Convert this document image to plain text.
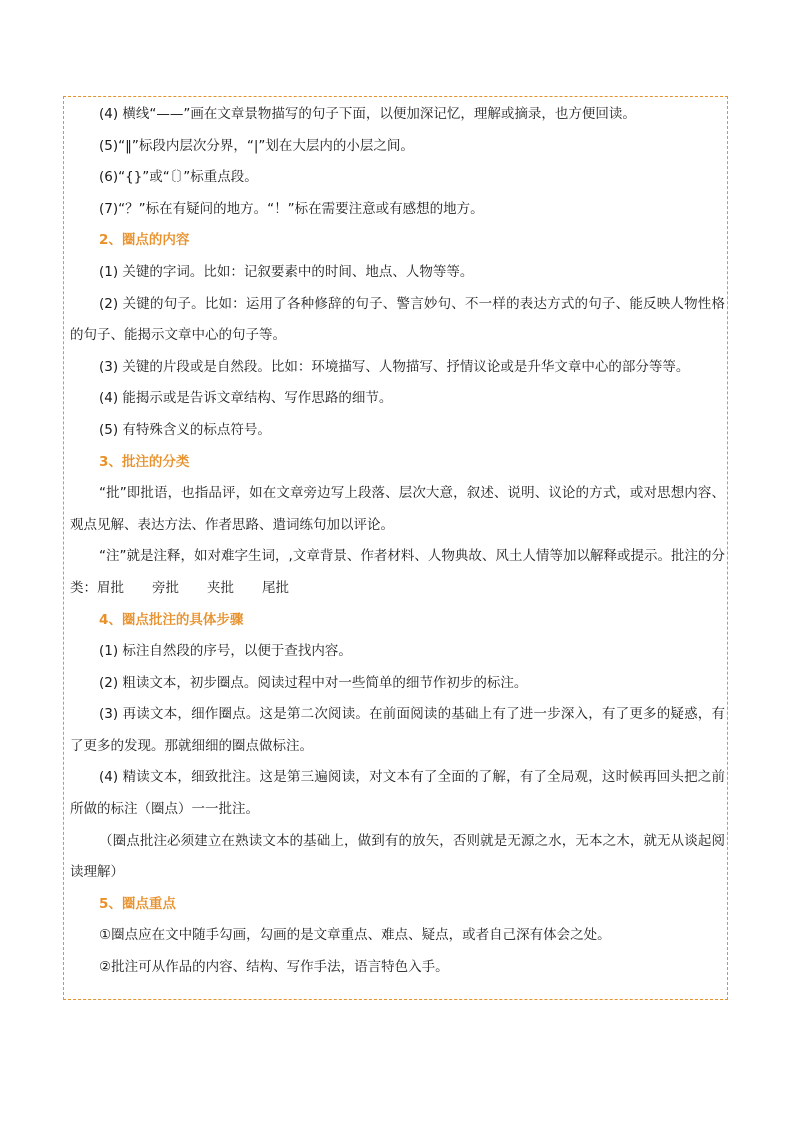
(4) 横线“——”画在文章景物描写的句子下面，以便加深记忆，理解或摘录，也方便回读。

(5)“‖”标段内层次分界，“|”划在大层内的小层之间。

(6)“{}”或“〔〕”标重点段。

(7)“？”标在有疑问的地方。“！”标在需要注意或有感想的地方。

2、圈点的内容

(1) 关键的字词。比如：记叙要素中的时间、地点、人物等等。

(2) 关键的句子。比如：运用了各种修辞的句子、警言妙句、不一样的表达方式的句子、能反映人物性格的句子、能揭示文章中心的句子等。

(3) 关键的片段或是自然段。比如：环境描写、人物描写、抒情议论或是升华文章中心的部分等等。

(4) 能揭示或是告诉文章结构、写作思路的细节。

(5) 有特殊含义的标点符号。

3、批注的分类

“批”即批语，也指品评，如在文章旁边写上段落、层次大意，叙述、说明、议论的方式，或对思想内容、观点见解、表达方法、作者思路、遣词练句加以评论。

“注”就是注释，如对难字生词，,文章背景、作者材料、人物典故、风土人情等加以解释或提示。批注的分类：眉批 旁批 夹批 尾批

4、圈点批注的具体步骤

(1) 标注自然段的序号，以便于查找内容。

(2) 粗读文本，初步圈点。阅读过程中对一些简单的细节作初步的标注。

(3) 再读文本，细作圈点。这是第二次阅读。在前面阅读的基础上有了进一步深入，有了更多的疑惑，有了更多的发现。那就细细的圈点做标注。

(4) 精读文本，细致批注。这是第三遍阅读，对文本有了全面的了解，有了全局观，这时候再回头把之前所做的标注（圈点）一一批注。

（圈点批注必须建立在熟读文本的基础上，做到有的放矢，否则就是无源之水，无本之木，就无从谈起阅读理解）

5、圈点重点

①圈点应在文中随手勾画，勾画的是文章重点、难点、疑点，或者自己深有体会之处。

②批注可从作品的内容、结构、写作手法，语言特色入手。
